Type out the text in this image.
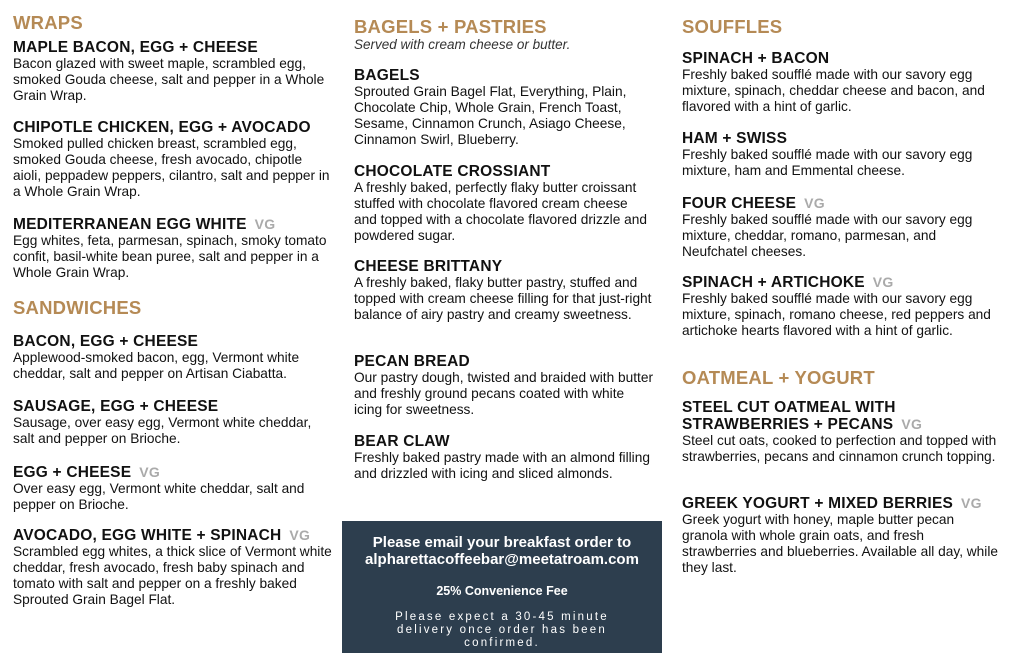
WRAPS
MAPLE BACON, EGG + CHEESE
Bacon glazed with sweet maple, scrambled egg, smoked Gouda cheese, salt and pepper in a Whole Grain Wrap.
CHIPOTLE CHICKEN, EGG + AVOCADO
Smoked pulled chicken breast, scrambled egg, smoked Gouda cheese, fresh avocado, chipotle aioli, peppadew peppers, cilantro, salt and pepper in a Whole Grain Wrap.
MEDITERRANEAN EGG WHITE VG
Egg whites, feta, parmesan, spinach, smoky tomato confit, basil-white bean puree, salt and pepper in a Whole Grain Wrap.
SANDWICHES
BACON, EGG + CHEESE
Applewood-smoked bacon, egg, Vermont white cheddar, salt and pepper on Artisan Ciabatta.
SAUSAGE, EGG + CHEESE
Sausage, over easy egg, Vermont white cheddar, salt and pepper on Brioche.
EGG + CHEESE VG
Over easy egg, Vermont white cheddar, salt and pepper on Brioche.
AVOCADO, EGG WHITE + SPINACH VG
Scrambled egg whites, a thick slice of Vermont white cheddar, fresh avocado, fresh baby spinach and tomato with salt and pepper on a freshly baked Sprouted Grain Bagel Flat.
BAGELS + PASTRIES
Served with cream cheese or butter.
BAGELS
Sprouted Grain Bagel Flat, Everything, Plain, Chocolate Chip, Whole Grain, French Toast, Sesame, Cinnamon Crunch, Asiago Cheese, Cinnamon Swirl, Blueberry.
CHOCOLATE CROSSIANT
A freshly baked, perfectly flaky butter croissant stuffed with chocolate flavored cream cheese and topped with a chocolate flavored drizzle and powdered sugar.
CHEESE BRITTANY
A freshly baked, flaky butter pastry, stuffed and topped with cream cheese filling for that just-right balance of airy pastry and creamy sweetness.
PECAN BREAD
Our pastry dough, twisted and braided with butter and freshly ground pecans coated with white icing for sweetness.
BEAR CLAW
Freshly baked pastry made with an almond filling and drizzled with icing and sliced almonds.
Please email your breakfast order to
alpharettacoffeebar@meetatroam.com
25% Convenience Fee
Please expect a 30-45 minute delivery once order has been confirmed.
SOUFFLES
SPINACH + BACON
Freshly baked soufflé made with our savory egg mixture, spinach, cheddar cheese and bacon, and flavored with a hint of garlic.
HAM + SWISS
Freshly baked soufflé made with our savory egg mixture, ham and Emmental cheese.
FOUR CHEESE VG
Freshly baked soufflé made with our savory egg mixture, cheddar, romano, parmesan, and Neufchatel cheeses.
SPINACH + ARTICHOKE VG
Freshly baked soufflé made with our savory egg mixture, spinach, romano cheese, red peppers and artichoke hearts flavored with a hint of garlic.
OATMEAL + YOGURT
STEEL CUT OATMEAL WITH STRAWBERRIES + PECANS VG
Steel cut oats, cooked to perfection and topped with strawberries, pecans and cinnamon crunch topping.
GREEK YOGURT + MIXED BERRIES VG
Greek yogurt with honey, maple butter pecan granola with whole grain oats, and fresh strawberries and blueberries. Available all day, while they last.
